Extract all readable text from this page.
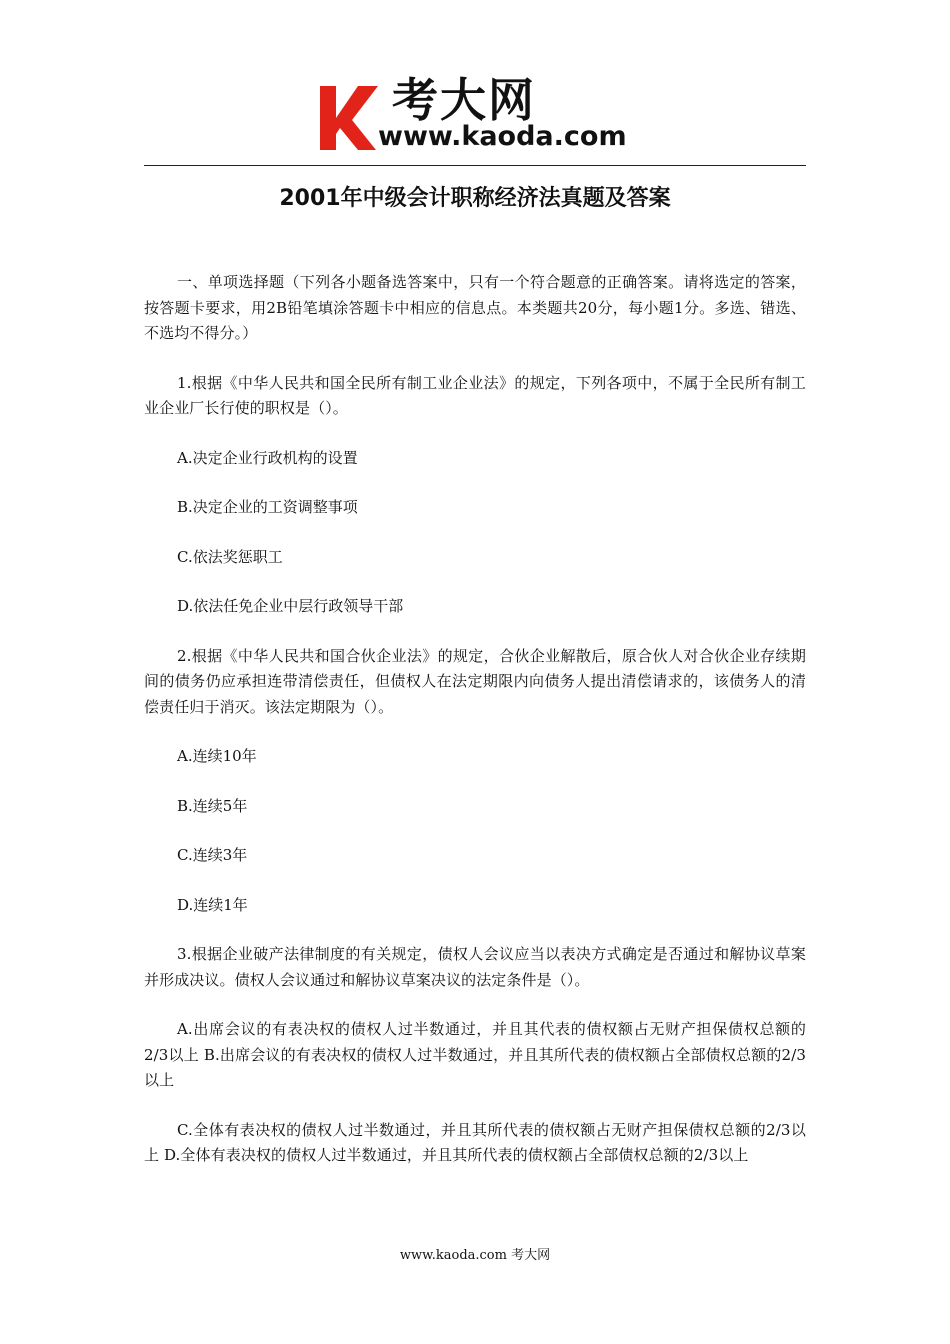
考大网
www.kaoda.com
2001年中级会计职称经济法真题及答案

一、单项选择题（下列各小题备选答案中，只有一个符合题意的正确答案。请将选定的答案，按答题卡要求，用2B铅笔填涂答题卡中相应的信息点。本类题共20分，每小题1分。多选、错选、不选均不得分。）

1.根据《中华人民共和国全民所有制工业企业法》的规定，下列各项中，不属于全民所有制工业企业厂长行使的职权是（）。

A.决定企业行政机构的设置

B.决定企业的工资调整事项

C.依法奖惩职工

D.依法任免企业中层行政领导干部

2.根据《中华人民共和国合伙企业法》的规定，合伙企业解散后，原合伙人对合伙企业存续期间的债务仍应承担连带清偿责任，但债权人在法定期限内向债务人提出清偿请求的，该债务人的清偿责任归于消灭。该法定期限为（）。

A.连续10年

B.连续5年

C.连续3年

D.连续1年

3.根据企业破产法律制度的有关规定，债权人会议应当以表决方式确定是否通过和解协议草案并形成决议。债权人会议通过和解协议草案决议的法定条件是（）。

A.出席会议的有表决权的债权人过半数通过，并且其代表的债权额占无财产担保债权总额的2/3以上 B.出席会议的有表决权的债权人过半数通过，并且其所代表的债权额占全部债权总额的2/3以上

C.全体有表决权的债权人过半数通过，并且其所代表的债权额占无财产担保债权总额的2/3以上 D.全体有表决权的债权人过半数通过，并且其所代表的债权额占全部债权总额的2/3以上

www.kaoda.com 考大网
